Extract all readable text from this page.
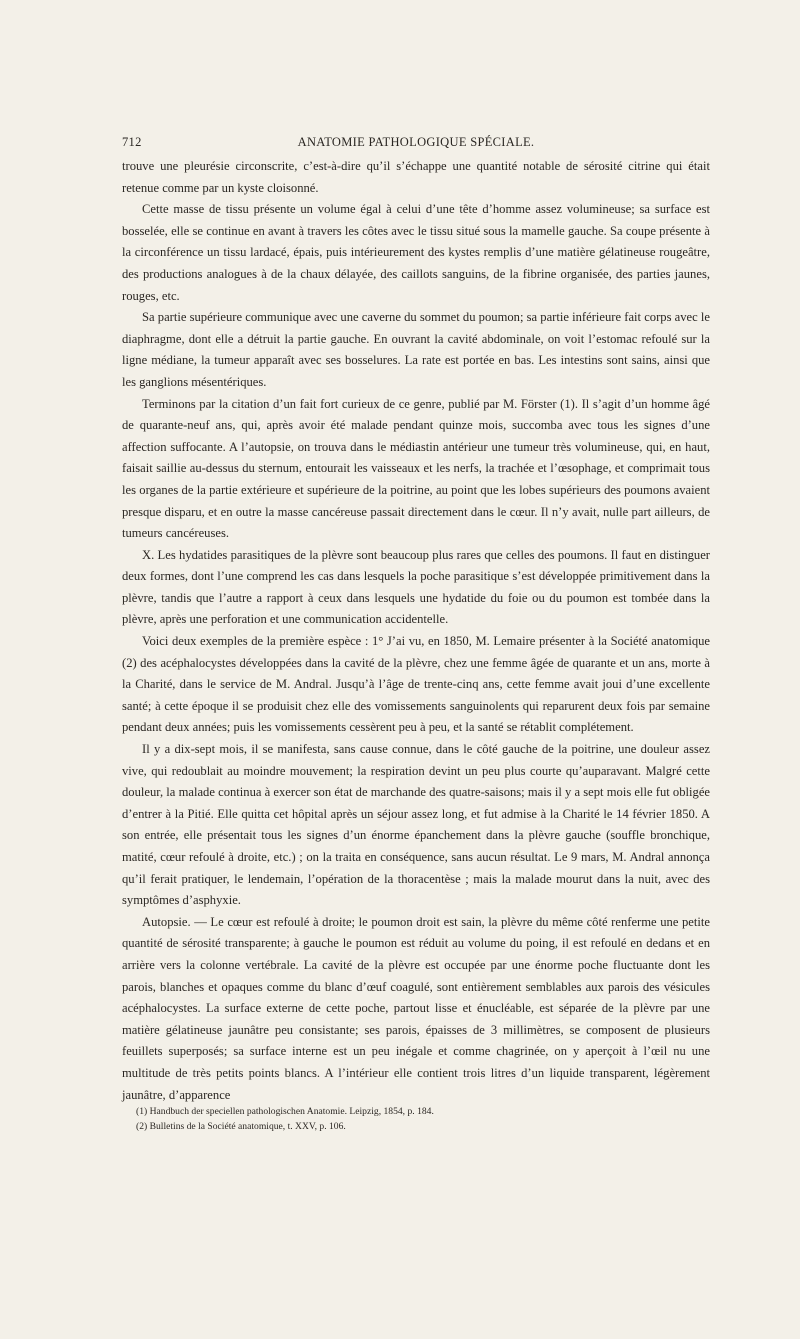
712	ANATOMIE PATHOLOGIQUE SPÉCIALE.

trouve une pleurésie circonscrite, c’est-à-dire qu’il s’échappe une quantité notable de sérosité citrine qui était retenue comme par un kyste cloisonné.

Cette masse de tissu présente un volume égal à celui d’une tête d’homme assez volumineuse; sa surface est bosselée, elle se continue en avant à travers les côtes avec le tissu situé sous la mamelle gauche. Sa coupe présente à la circonférence un tissu lardacé, épais, puis intérieurement des kystes remplis d’une matière gélatineuse rougeâtre, des productions analogues à de la chaux délayée, des caillots sanguins, de la fibrine organisée, des parties jaunes, rouges, etc.

Sa partie supérieure communique avec une caverne du sommet du poumon; sa partie inférieure fait corps avec le diaphragme, dont elle a détruit la partie gauche. En ouvrant la cavité abdominale, on voit l’estomac refoulé sur la ligne médiane, la tumeur apparaît avec ses bosselures. La rate est portée en bas. Les intestins sont sains, ainsi que les ganglions mésentériques.

Terminons par la citation d’un fait fort curieux de ce genre, publié par M. Förster (1). Il s’agit d’un homme âgé de quarante-neuf ans, qui, après avoir été malade pendant quinze mois, succomba avec tous les signes d’une affection suffocante. A l’autopsie, on trouva dans le médiastin antérieur une tumeur très volumineuse, qui, en haut, faisait saillie au-dessus du sternum, entourait les vaisseaux et les nerfs, la trachée et l’œsophage, et comprimait tous les organes de la partie extérieure et supérieure de la poitrine, au point que les lobes supérieurs des poumons avaient presque disparu, et en outre la masse cancéreuse passait directement dans le cœur. Il n’y avait, nulle part ailleurs, de tumeurs cancéreuses.

X. Les hydatides parasitiques de la plèvre sont beaucoup plus rares que celles des poumons. Il faut en distinguer deux formes, dont l’une comprend les cas dans lesquels la poche parasitique s’est développée primitivement dans la plèvre, tandis que l’autre a rapport à ceux dans lesquels une hydatide du foie ou du poumon est tombée dans la plèvre, après une perforation et une communication accidentelle.

Voici deux exemples de la première espèce : 1° J’ai vu, en 1850, M. Lemaire présenter à la Société anatomique (2) des acéphalocystes développées dans la cavité de la plèvre, chez une femme âgée de quarante et un ans, morte à la Charité, dans le service de M. Andral. Jusqu’à l’âge de trente-cinq ans, cette femme avait joui d’une excellente santé; à cette époque il se produisit chez elle des vomissements sanguinolents qui reparurent deux fois par semaine pendant deux années; puis les vomissements cessèrent peu à peu, et la santé se rétablit complétement.

Il y a dix-sept mois, il se manifesta, sans cause connue, dans le côté gauche de la poitrine, une douleur assez vive, qui redoublait au moindre mouvement; la respiration devint un peu plus courte qu’auparavant. Malgré cette douleur, la malade continua à exercer son état de marchande des quatre-saisons; mais il y a sept mois elle fut obligée d’entrer à la Pitié. Elle quitta cet hôpital après un séjour assez long, et fut admise à la Charité le 14 février 1850. A son entrée, elle présentait tous les signes d’un énorme épanchement dans la plèvre gauche (souffle bronchique, matité, cœur refoulé à droite, etc.) ; on la traita en conséquence, sans aucun résultat. Le 9 mars, M. Andral annonça qu’il ferait pratiquer, le lendemain, l’opération de la thoracentèse ; mais la malade mourut dans la nuit, avec des symptômes d’asphyxie.

Autopsie. — Le cœur est refoulé à droite; le poumon droit est sain, la plèvre du même côté renferme une petite quantité de sérosité transparente; à gauche le poumon est réduit au volume du poing, il est refoulé en dedans et en arrière vers la colonne vertébrale. La cavité de la plèvre est occupée par une énorme poche fluctuante dont les parois, blanches et opaques comme du blanc d’œuf coagulé, sont entièrement semblables aux parois des vésicules acéphalocystes. La surface externe de cette poche, partout lisse et énucléable, est séparée de la plèvre par une matière gélatineuse jaunâtre peu consistante; ses parois, épaisses de 3 millimètres, se composent de plusieurs feuillets superposés; sa surface interne est un peu inégale et comme chagrinée, on y aperçoit à l’œil nu une multitude de très petits points blancs. A l’intérieur elle contient trois litres d’un liquide transparent, légèrement jaunâtre, d’apparence

(1) Handbuch der speciellen pathologischen Anatomie. Leipzig, 1854, p. 184.
(2) Bulletins de la Société anatomique, t. XXV, p. 106.
